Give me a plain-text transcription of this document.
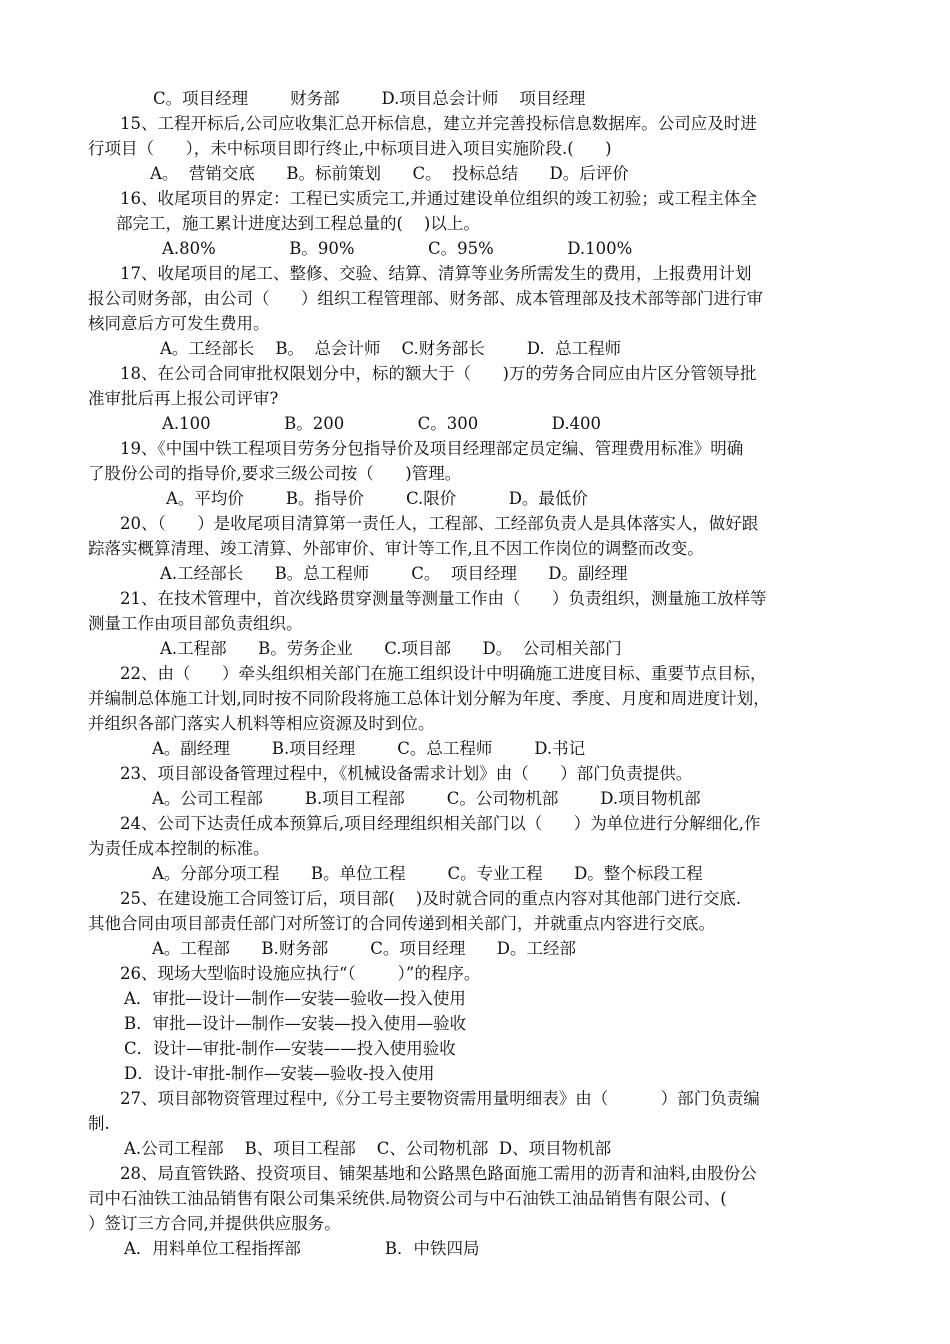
C。项目经理        财务部        D.项目总会计师    项目经理
15、工程开标后,公司应收集汇总开标信息，建立并完善投标信息数据库。公司应及时进
行项目（      ），未中标项目即行终止,中标项目进入项目实施阶段.(      )
A。  营销交底      B。标前策划      C。  投标总结      D。后评价
16、收尾项目的界定：工程已实质完工,并通过建设单位组织的竣工初验；或工程主体全
部完工，施工累计进度达到工程总量的(    )以上。
A.80%              B。90%              C。95%              D.100%
17、收尾项目的尾工、整修、交验、结算、清算等业务所需发生的费用，上报费用计划
报公司财务部，由公司（      ）组织工程管理部、财务部、成本管理部及技术部等部门进行审
核同意后方可发生费用。
A。工经部长    B。  总会计师    C.财务部长        D.  总工程师
18、在公司合同审批权限划分中，标的额大于（      )万的劳务合同应由片区分管领导批
准审批后再上报公司评审?
A.100              B。200              C。300              D.400
19、《中国中铁工程项目劳务分包指导价及项目经理部定员定编、管理费用标准》明确
了股份公司的指导价,要求三级公司按（      )管理。
A。平均价        B。指导价        C.限价          D。最低价
20、（      ）是收尾项目清算第一责任人，工程部、工经部负责人是具体落实人，做好跟
踪落实概算清理、竣工清算、外部审价、审计等工作,且不因工作岗位的调整而改变。
A.工经部长      B。总工程师        C。  项目经理      D。副经理
21、在技术管理中，首次线路贯穿测量等测量工作由（      ）负责组织，测量施工放样等
测量工作由项目部负责组织。
A.工程部      B。劳务企业      C.项目部      D。  公司相关部门
22、由（      ）牵头组织相关部门在施工组织设计中明确施工进度目标、重要节点目标，
并编制总体施工计划,同时按不同阶段将施工总体计划分解为年度、季度、月度和周进度计划，
并组织各部门落实人机料等相应资源及时到位。
A。副经理        B.项目经理        C。总工程师        D.书记
23、项目部设备管理过程中，《机械设备需求计划》由（      ）部门负责提供。
A。公司工程部        B.项目工程部        C。公司物机部        D.项目物机部
24、公司下达责任成本预算后,项目经理组织相关部门以（      ）为单位进行分解细化,作
为责任成本控制的标准。
A。分部分项工程      B。单位工程        C。专业工程      D。整个标段工程
25、在建设施工合同签订后，项目部(    )及时就合同的重点内容对其他部门进行交底.
其他合同由项目部责任部门对所签订的合同传递到相关部门，并就重点内容进行交底。
A。工程部      B.财务部        C。项目经理      D。工经部
26、现场大型临时设施应执行“（        ）”的程序。
A．审批—设计—制作—安装—验收—投入使用
B．审批—设计—制作—安装—投入使用—验收
C．设计—审批-制作—安装——投入使用验收
D．设计-审批-制作—安装—验收-投入使用
27、项目部物资管理过程中,《分工号主要物资需用量明细表》由（          ）部门负责编
制.
A.公司工程部    B、项目工程部    C、公司物机部  D、项目物机部
28、局直管铁路、投资项目、铺架基地和公路黑色路面施工需用的沥青和油料,由股份公
司中石油铁工油品销售有限公司集采统供.局物资公司与中石油铁工油品销售有限公司、(
）签订三方合同,并提供供应服务。
A．用料单位工程指挥部                B．中铁四局
